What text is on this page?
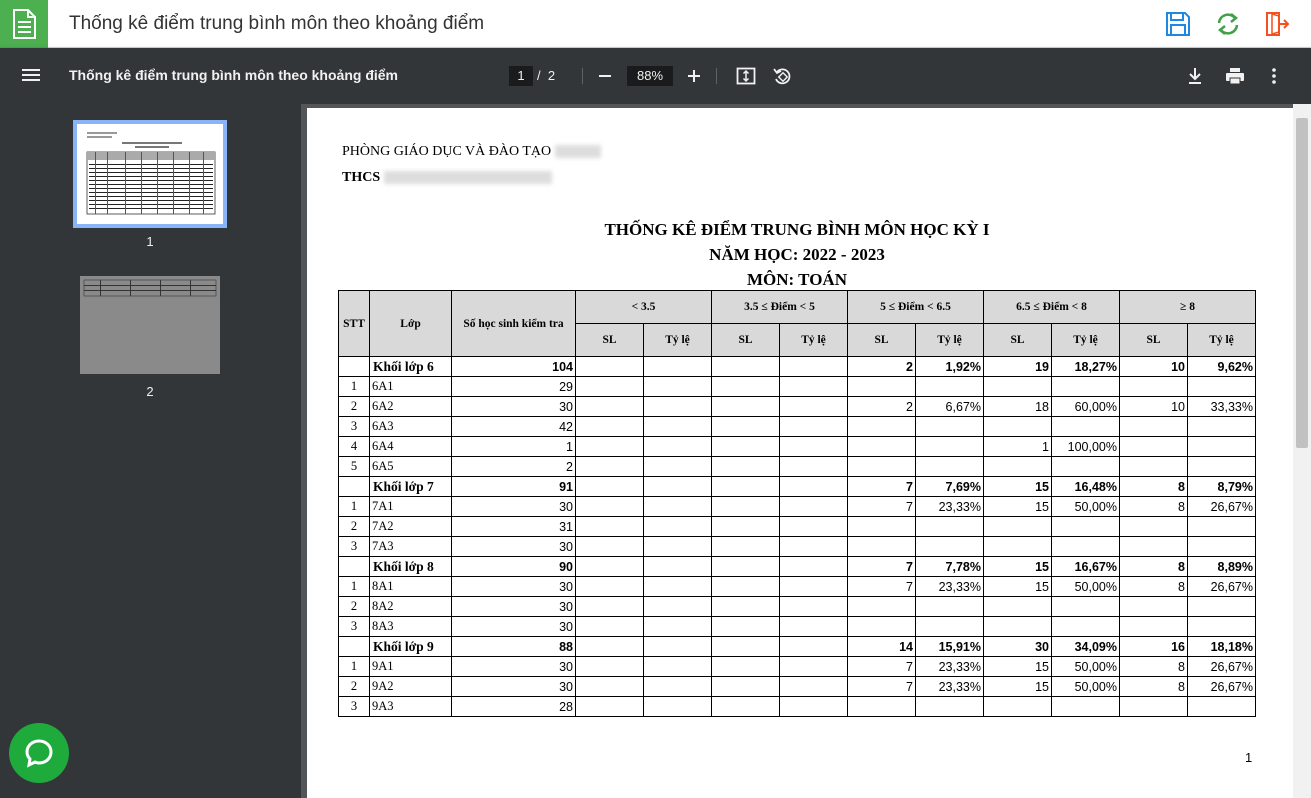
Thống kê điểm trung bình môn theo khoảng điểm
Thống kê điểm trung bình môn theo khoảng điểm	1 / 2	88%
1
2
PHÒNG GIÁO DỤC VÀ ĐÀO TẠO
THCS
THỐNG KÊ ĐIỂM TRUNG BÌNH MÔN HỌC KỲ I
NĂM HỌC: 2022 - 2023
MÔN: TOÁN
STT	Lớp	Số học sinh kiểm tra	< 3.5		3.5 ≤ Điểm < 5		5 ≤ Điểm < 6.5		6.5 ≤ Điểm < 8		≥ 8	
			SL	Tỷ lệ	SL	Tỷ lệ	SL	Tỷ lệ	SL	Tỷ lệ	SL	Tỷ lệ
	Khối lớp 6	104					2	1,92%	19	18,27%	10	9,62%
1	6A1	29										
2	6A2	30					2	6,67%	18	60,00%	10	33,33%
3	6A3	42										
4	6A4	1							1	100,00%		
5	6A5	2										
	Khối lớp 7	91					7	7,69%	15	16,48%	8	8,79%
1	7A1	30					7	23,33%	15	50,00%	8	26,67%
2	7A2	31										
3	7A3	30										
	Khối lớp 8	90					7	7,78%	15	16,67%	8	8,89%
1	8A1	30					7	23,33%	15	50,00%	8	26,67%
2	8A2	30										
3	8A3	30										
	Khối lớp 9	88					14	15,91%	30	34,09%	16	18,18%
1	9A1	30					7	23,33%	15	50,00%	8	26,67%
2	9A2	30					7	23,33%	15	50,00%	8	26,67%
3	9A3	28										
1
